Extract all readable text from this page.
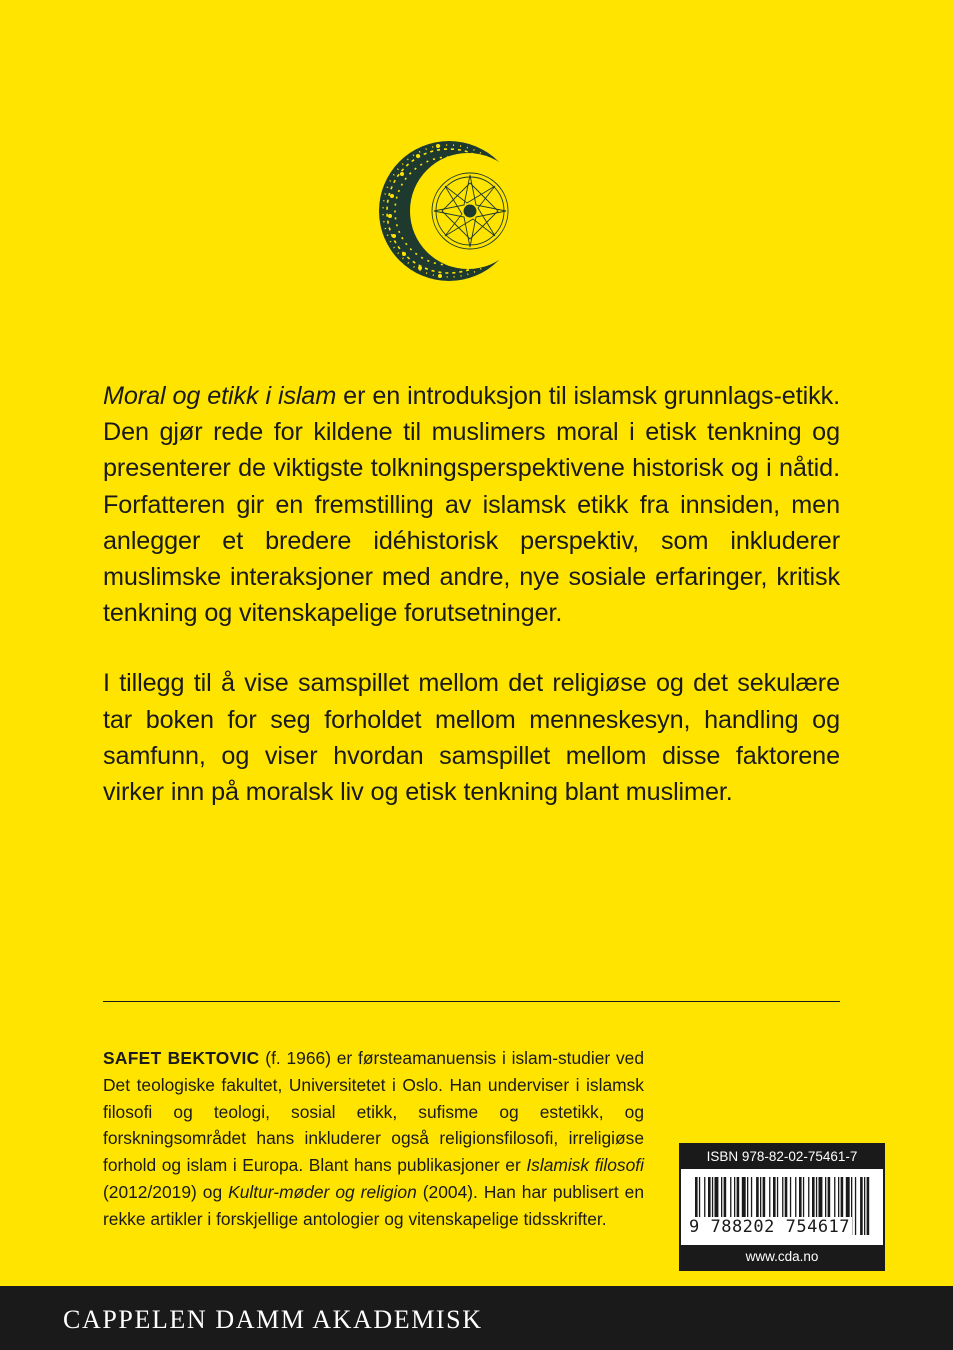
Moral og etikk i islam er en introduksjon til islamsk grunnlags-etikk. Den gjør rede for kildene til muslimers moral i etisk tenkning og presenterer de viktigste tolkningsperspektivene historisk og i nåtid. Forfatteren gir en fremstilling av islamsk etikk fra innsiden, men anlegger et bredere idéhistorisk perspektiv, som inkluderer muslimske interaksjoner med andre, nye sosiale erfaringer, kritisk tenkning og vitenskapelige forutsetninger.

I tillegg til å vise samspillet mellom det religiøse og det sekulære tar boken for seg forholdet mellom menneskesyn, handling og samfunn, og viser hvordan samspillet mellom disse faktorene virker inn på moralsk liv og etisk tenkning blant muslimer.

SAFET BEKTOVIC (f. 1966) er førsteamanuensis i islam-studier ved Det teologiske fakultet, Universitetet i Oslo. Han underviser i islamsk filosofi og teologi, sosial etikk, sufisme og estetikk, og forskningsområdet hans inkluderer også religionsfilosofi, irreligiøse forhold og islam i Europa. Blant hans publikasjoner er Islamisk filosofi (2012/2019) og Kultur-møder og religion (2004). Han har publisert en rekke artikler i forskjellige antologier og vitenskapelige tidsskrifter.

ISBN 978-82-02-75461-7
9 788202 754617
www.cda.no
CAPPELEN DAMM AKADEMISK
